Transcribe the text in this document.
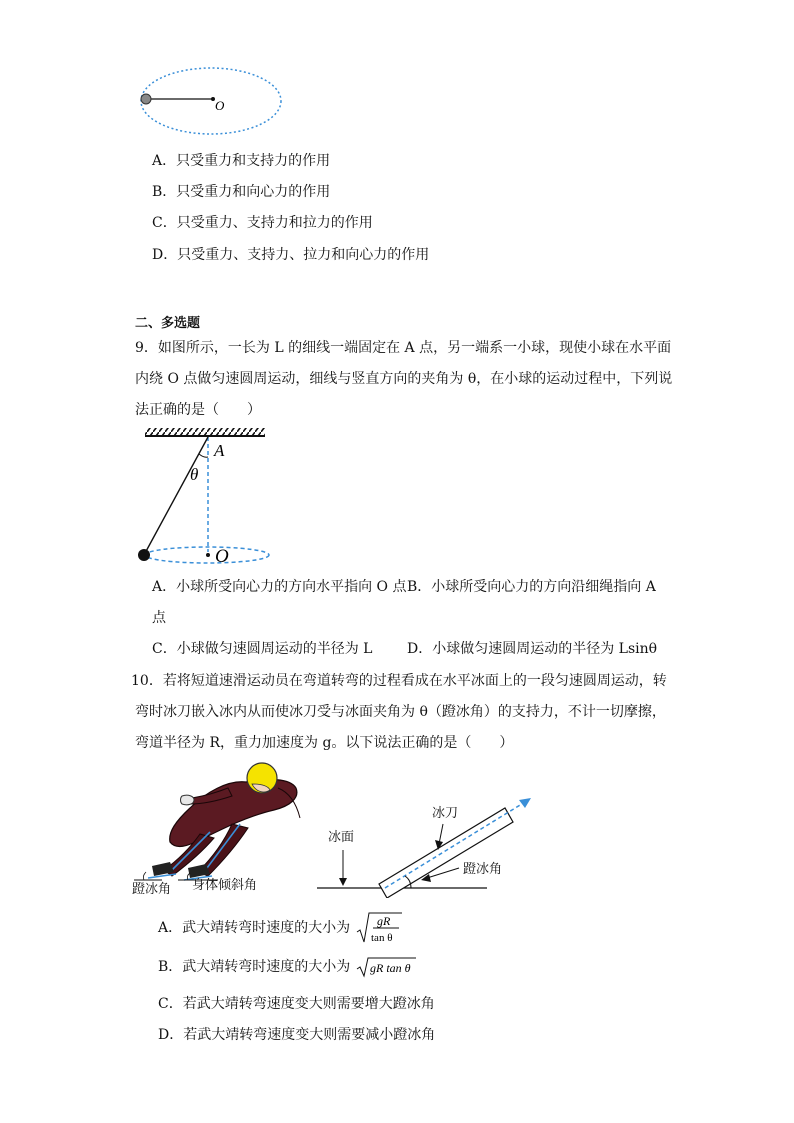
O
A．只受重力和支持力的作用
B．只受重力和向心力的作用
C．只受重力、支持力和拉力的作用
D．只受重力、支持力、拉力和向心力的作用
二、多选题
9．如图所示，一长为 L 的细线一端固定在 A 点，另一端系一小球，现使小球在水平面
内绕 O 点做匀速圆周运动，细线与竖直方向的夹角为 θ，在小球的运动过程中，下列说
法正确的是（　　）
A
θ
O
A．小球所受向心力的方向水平指向 O 点 B．小球所受向心力的方向沿细绳指向 A
点
C．小球做匀速圆周运动的半径为 L D．小球做匀速圆周运动的半径为 Lsinθ
10．若将短道速滑运动员在弯道转弯的过程看成在水平冰面上的一段匀速圆周运动，转
弯时冰刀嵌入冰内从而使冰刀受与冰面夹角为 θ（蹬冰角）的支持力，不计一切摩擦，
弯道半径为 R，重力加速度为 g。以下说法正确的是（　　）
蹬冰角 身体倾斜角
冰面
冰刀
蹬冰角
A．武大靖转弯时速度的大小为 gR
tan θ
B．武大靖转弯时速度的大小为 gR tan θ
C．若武大靖转弯速度变大则需要增大蹬冰角
D．若武大靖转弯速度变大则需要减小蹬冰角
